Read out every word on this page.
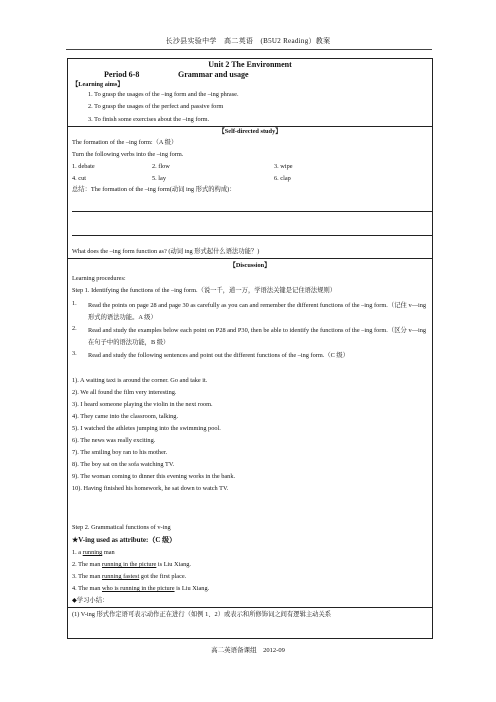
长沙县实验中学　高二英语　(B5U2 Reading）教案
Unit 2 The Environment
Period 6-8	Grammar and usage
【Learning aims】
1. To grasp the usages of the –ing form and the –ing phrase.
2. To grasp the usages of the perfect and passive form
3. To finish some exercises about the –ing form.
【Self-directed study】
The formation of the –ing form:（A 级）
Turn the following verbs into the –ing form.
1. debate	2. flow	3. wipe
4. cut	5. lay	6. clap
总结：The formation of the –ing form(动词 ing 形式的构成)：
What does the –ing form function as? (动词 ing 形式起什么语法功能？)
【Discussion】
Learning procedures:
Step 1. Identifying the functions of the –ing form.（说一千，道一万，学语法关键是记住语法规则）
1. Read the points on page 28 and page 30 as carefully as you can and remember the different functions of the –ing form.（记住 v—ing 形式的语法功能。A 级）
2. Read and study the examples below each point on P28 and P30, then be able to identify the functions of the –ing form.（区分 v—ing 在句子中的语法功能，B 级）
3. Read and study the following sentences and point out the different functions of the –ing form.（C 级）
1). A waiting taxi is around the corner. Go and take it.
2). We all found the film very interesting.
3). I heard someone playing the violin in the next room.
4). They came into the classroom, talking.
5). I watched the athletes jumping into the swimming pool.
6). The news was really exciting.
7). The smiling boy ran to his mother.
8). The boy sat on the sofa watching TV.
9). The woman coming to dinner this evening works in the bank.
10). Having finished his homework, he sat down to watch TV.
Step 2. Grammatical functions of v-ing
★V-ing used as attribute:（C 级）
1. a running man
2. The man running in the picture is Liu Xiang.
3. The man running fastest got the first place.
4. The man who is running in the picture is Liu Xiang.
◆学习小结：
(1) V-ing 形式作定语可表示动作正在进行（如例 1、2）或表示和所修饰词之间有逻辑主动关系
高二英语备课组　2012-09
